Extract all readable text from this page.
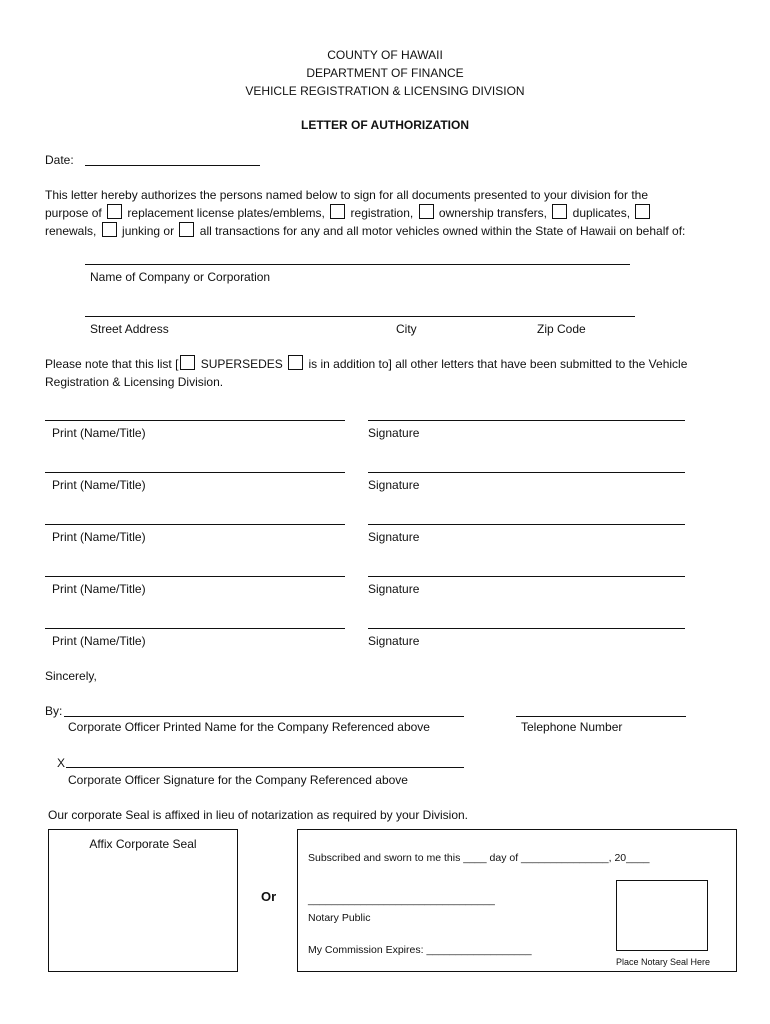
COUNTY OF HAWAII
DEPARTMENT OF FINANCE
VEHICLE REGISTRATION & LICENSING DIVISION
LETTER OF AUTHORIZATION
Date:
This letter hereby authorizes the persons named below to sign for all documents presented to your division for the
purpose of replacement license plates/emblems, registration, ownership transfers, duplicates,
renewals, junking or all transactions for any and all motor vehicles owned within the State of Hawaii on behalf of:
Name of Company or Corporation
Street Address	City	Zip Code
Please note that this list [ SUPERSEDES is in addition to] all other letters that have been submitted to the Vehicle
Registration & Licensing Division.
Print (Name/Title)	Signature
Print (Name/Title)	Signature
Print (Name/Title)	Signature
Print (Name/Title)	Signature
Print (Name/Title)	Signature
Sincerely,
By:
Corporate Officer Printed Name for the Company Referenced above	Telephone Number
X
Corporate Officer Signature for the Company Referenced above
Our corporate Seal is affixed in lieu of notarization as required by your Division.
Affix Corporate Seal
Or
Subscribed and sworn to me this ____ day of _______________, 20____
________________________________
Notary Public
My Commission Expires: __________________
Place Notary Seal Here
